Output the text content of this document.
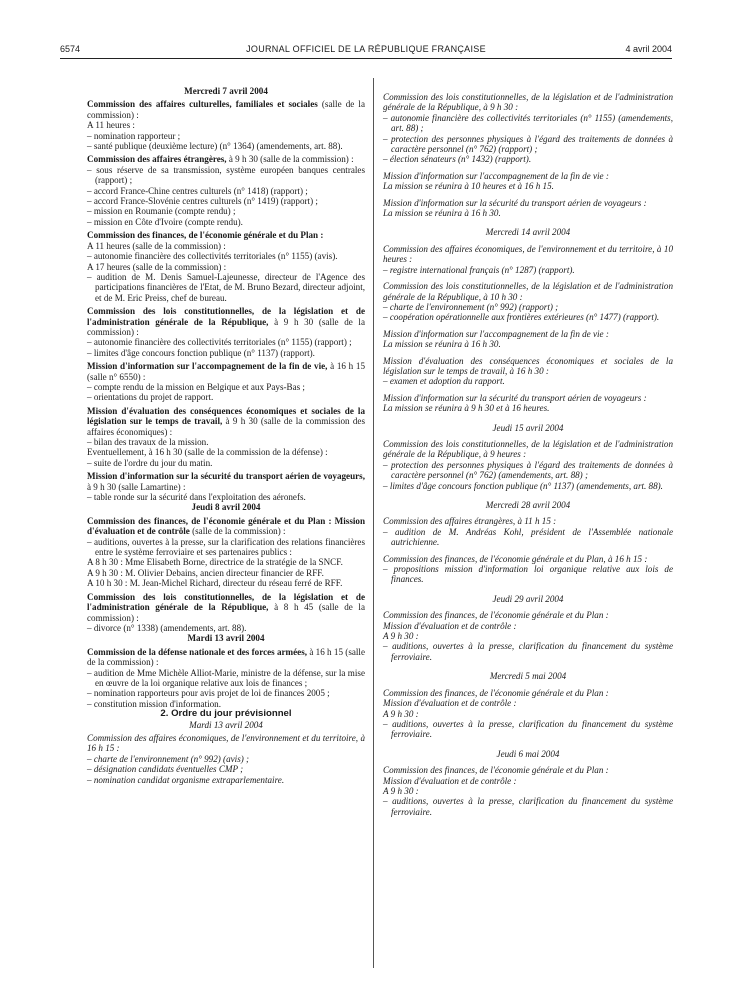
6574	JOURNAL OFFICIEL DE LA RÉPUBLIQUE FRANÇAISE	4 avril 2004

Mercredi 7 avril 2004

Commission des affaires culturelles, familiales et sociales (salle de la commission) :

A 11 heures :

– nomination rapporteur ;

– santé publique (deuxième lecture) (n° 1364) (amendements, art. 88).

Commission des affaires étrangères, à 9 h 30 (salle de la commission) :

– sous réserve de sa transmission, système européen banques centrales (rapport) ;

– accord France-Chine centres culturels (n° 1418) (rapport) ;

– accord France-Slovénie centres culturels (n° 1419) (rapport) ;

– mission en Roumanie (compte rendu) ;

– mission en Côte d'Ivoire (compte rendu).

Commission des finances, de l'économie générale et du Plan :

A 11 heures (salle de la commission) :

– autonomie financière des collectivités territoriales (n° 1155) (avis).

A 17 heures (salle de la commission) :

– audition de M. Denis Samuel-Lajeunesse, directeur de l'Agence des participations financières de l'Etat, de M. Bruno Bezard, directeur adjoint, et de M. Eric Preiss, chef de bureau.

Commission des lois constitutionnelles, de la législation et de l'administration générale de la République, à 9 h 30 (salle de la commission) :

– autonomie financière des collectivités territoriales (n° 1155) (rapport) ;

– limites d'âge concours fonction publique (n° 1137) (rapport).

Mission d'information sur l'accompagnement de la fin de vie, à 16 h 15 (salle n° 6550) :

– compte rendu de la mission en Belgique et aux Pays-Bas ;

– orientations du projet de rapport.

Mission d'évaluation des conséquences économiques et sociales de la législation sur le temps de travail, à 9 h 30 (salle de la commission des affaires économiques) :

– bilan des travaux de la mission.

Eventuellement, à 16 h 30 (salle de la commission de la défense) :

– suite de l'ordre du jour du matin.

Mission d'information sur la sécurité du transport aérien de voyageurs, à 9 h 30 (salle Lamartine) :

– table ronde sur la sécurité dans l'exploitation des aéronefs.

Jeudi 8 avril 2004

Commission des finances, de l'économie générale et du Plan : Mission d'évaluation et de contrôle (salle de la commission) :

– auditions, ouvertes à la presse, sur la clarification des relations financières entre le système ferroviaire et ses partenaires publics :

A 8 h 30 : Mme Elisabeth Borne, directrice de la stratégie de la SNCF.

A 9 h 30 : M. Olivier Debains, ancien directeur financier de RFF.

A 10 h 30 : M. Jean-Michel Richard, directeur du réseau ferré de RFF.

Commission des lois constitutionnelles, de la législation et de l'administration générale de la République, à 8 h 45 (salle de la commission) :

– divorce (n° 1338) (amendements, art. 88).

Mardi 13 avril 2004

Commission de la défense nationale et des forces armées, à 16 h 15 (salle de la commission) :

– audition de Mme Michèle Alliot-Marie, ministre de la défense, sur la mise en œuvre de la loi organique relative aux lois de finances ;

– nomination rapporteurs pour avis projet de loi de finances 2005 ;

– constitution mission d'information.

2. Ordre du jour prévisionnel

Mardi 13 avril 2004

Commission des affaires économiques, de l'environnement et du territoire, à 16 h 15 :

– charte de l'environnement (n° 992) (avis) ;

– désignation candidats éventuelles CMP ;

– nomination candidat organisme extraparlementaire.

Commission des lois constitutionnelles, de la législation et de l'administration générale de la République, à 9 h 30 :

– autonomie financière des collectivités territoriales (n° 1155) (amendements, art. 88) ;

– protection des personnes physiques à l'égard des traitements de données à caractère personnel (n° 762) (rapport) ;

– élection sénateurs (n° 1432) (rapport).

Mission d'information sur l'accompagnement de la fin de vie :

La mission se réunira à 10 heures et à 16 h 15.

Mission d'information sur la sécurité du transport aérien de voyageurs :

La mission se réunira à 16 h 30.

Mercredi 14 avril 2004

Commission des affaires économiques, de l'environnement et du territoire, à 10 heures :

– registre international français (n° 1287) (rapport).

Commission des lois constitutionnelles, de la législation et de l'administration générale de la République, à 10 h 30 :

– charte de l'environnement (n° 992) (rapport) ;

– coopération opérationnelle aux frontières extérieures (n° 1477) (rapport).

Mission d'information sur l'accompagnement de la fin de vie :

La mission se réunira à 16 h 30.

Mission d'évaluation des conséquences économiques et sociales de la législation sur le temps de travail, à 16 h 30 :

– examen et adoption du rapport.

Mission d'information sur la sécurité du transport aérien de voyageurs :

La mission se réunira à 9 h 30 et à 16 heures.

Jeudi 15 avril 2004

Commission des lois constitutionnelles, de la législation et de l'administration générale de la République, à 9 heures :

– protection des personnes physiques à l'égard des traitements de données à caractère personnel (n° 762) (amendements, art. 88) ;

– limites d'âge concours fonction publique (n° 1137) (amendements, art. 88).

Mercredi 28 avril 2004

Commission des affaires étrangères, à 11 h 15 :

– audition de M. Andréas Kohl, président de l'Assemblée nationale autrichienne.

Commission des finances, de l'économie générale et du Plan, à 16 h 15 :

– propositions mission d'information loi organique relative aux lois de finances.

Jeudi 29 avril 2004

Commission des finances, de l'économie générale et du Plan :

Mission d'évaluation et de contrôle :

A 9 h 30 :

– auditions, ouvertes à la presse, clarification du financement du système ferroviaire.

Mercredi 5 mai 2004

Commission des finances, de l'économie générale et du Plan :

Mission d'évaluation et de contrôle :

A 9 h 30 :

– auditions, ouvertes à la presse, clarification du financement du système ferroviaire.

Jeudi 6 mai 2004

Commission des finances, de l'économie générale et du Plan :

Mission d'évaluation et de contrôle :

A 9 h 30 :

– auditions, ouvertes à la presse, clarification du financement du système ferroviaire.
